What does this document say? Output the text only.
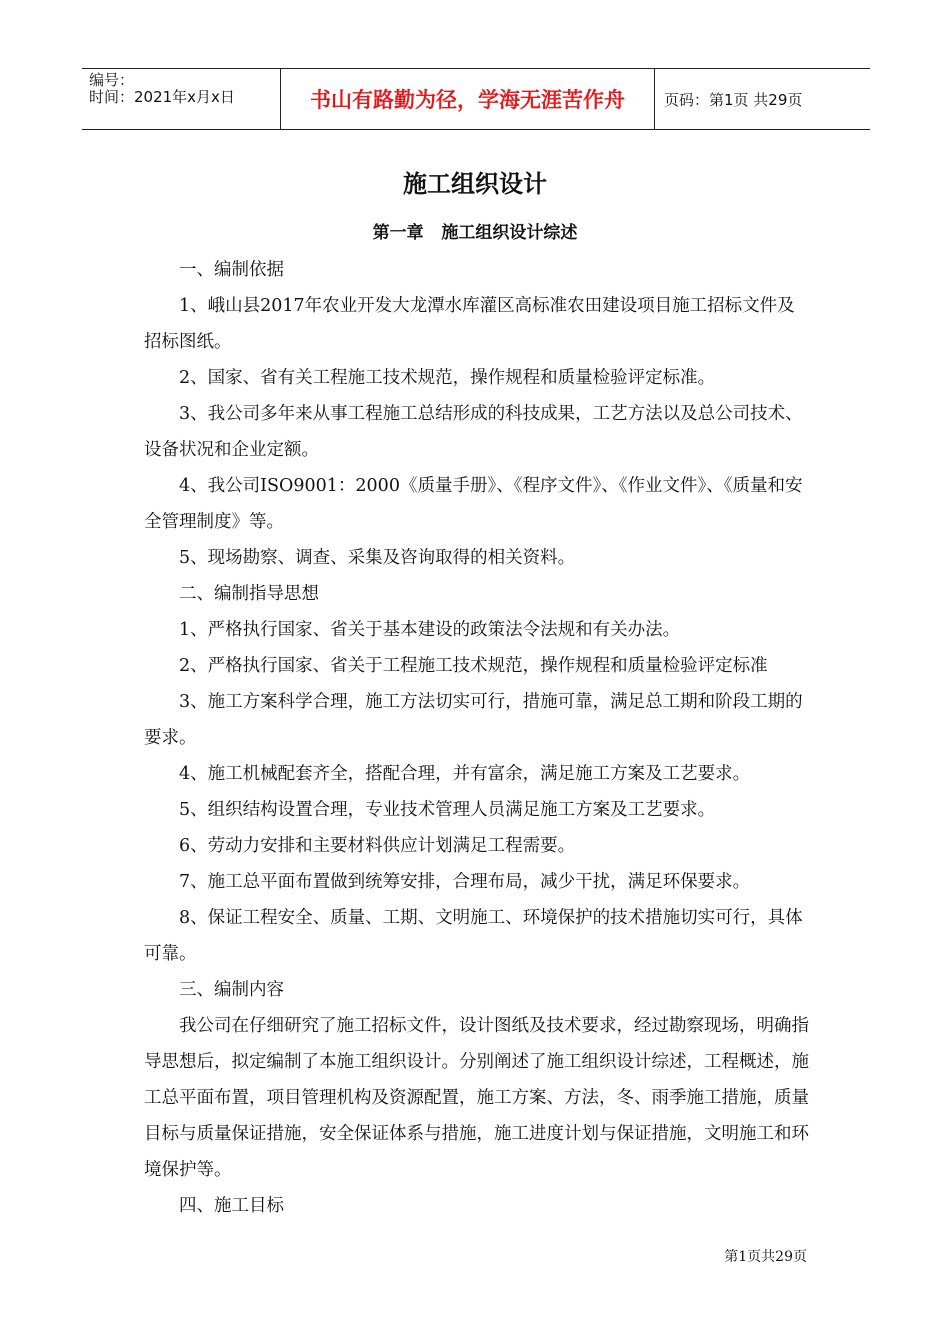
编号：
时间：2021年x月x日	书山有路勤为径，学海无涯苦作舟	页码：第1页 共29页
施工组织设计
第一章 施工组织设计综述

一、编制依据

1、峨山县2017年农业开发大龙潭水库灌区高标准农田建设项目施工招标文件及招标图纸。

2、国家、省有关工程施工技术规范，操作规程和质量检验评定标准。

3、我公司多年来从事工程施工总结形成的科技成果，工艺方法以及总公司技术、设备状况和企业定额。

4、我公司ISO9001：2000《质量手册》、《程序文件》、《作业文件》、《质量和安全管理制度》等。

5、现场勘察、调查、采集及咨询取得的相关资料。

二、编制指导思想

1、严格执行国家、省关于基本建设的政策法令法规和有关办法。

2、严格执行国家、省关于工程施工技术规范，操作规程和质量检验评定标准

3、施工方案科学合理，施工方法切实可行，措施可靠，满足总工期和阶段工期的要求。

4、施工机械配套齐全，搭配合理，并有富余，满足施工方案及工艺要求。

5、组织结构设置合理，专业技术管理人员满足施工方案及工艺要求。

6、劳动力安排和主要材料供应计划满足工程需要。

7、施工总平面布置做到统筹安排，合理布局，减少干扰，满足环保要求。

8、保证工程安全、质量、工期、文明施工、环境保护的技术措施切实可行，具体可靠。

三、编制内容

我公司在仔细研究了施工招标文件，设计图纸及技术要求，经过勘察现场，明确指导思想后，拟定编制了本施工组织设计。分别阐述了施工组织设计综述，工程概述，施工总平面布置，项目管理机构及资源配置，施工方案、方法，冬、雨季施工措施，质量目标与质量保证措施，安全保证体系与措施，施工进度计划与保证措施，文明施工和环境保护等。

四、施工目标

第1页共29页
